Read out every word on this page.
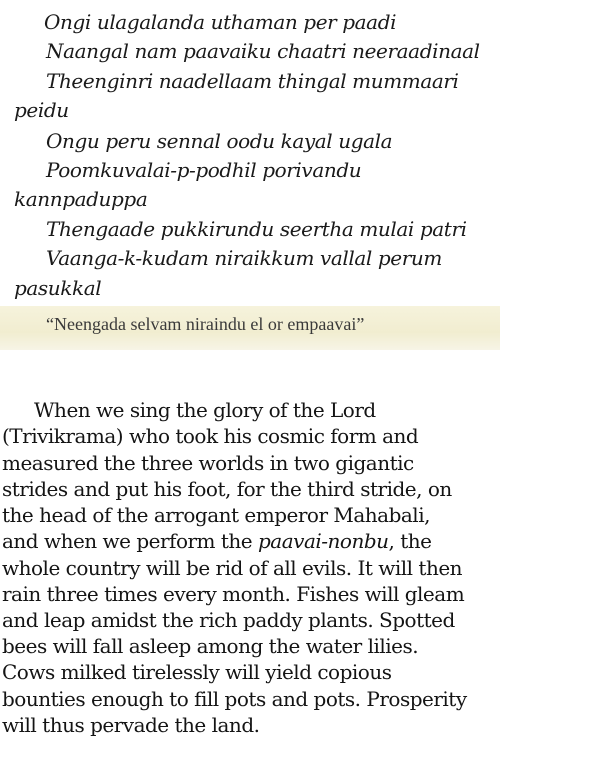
Ongi ulagalanda uthaman per paadi
Naangal nam paavaiku chaatri neeraadinaal
Theenginri naadellaam thingal mummaari
peidu
Ongu peru sennal oodu kayal ugala
Poomkuvalai-p-podhil porivandu
kannpaduppa
Thengaade pukkirundu seertha mulai patri
Vaanga-k-kudam niraikkum vallal perum
pasukkal
“Neengada selvam niraindu el or empaavai”
When we sing the glory of the Lord
(Trivikrama) who took his cosmic form and
measured the three worlds in two gigantic
strides and put his foot, for the third stride, on
the head of the arrogant emperor Mahabali,
and when we perform the paavai-nonbu, the
whole country will be rid of all evils. It will then
rain three times every month. Fishes will gleam
and leap amidst the rich paddy plants. Spotted
bees will fall asleep among the water lilies.
Cows milked tirelessly will yield copious
bounties enough to fill pots and pots. Prosperity
will thus pervade the land.
